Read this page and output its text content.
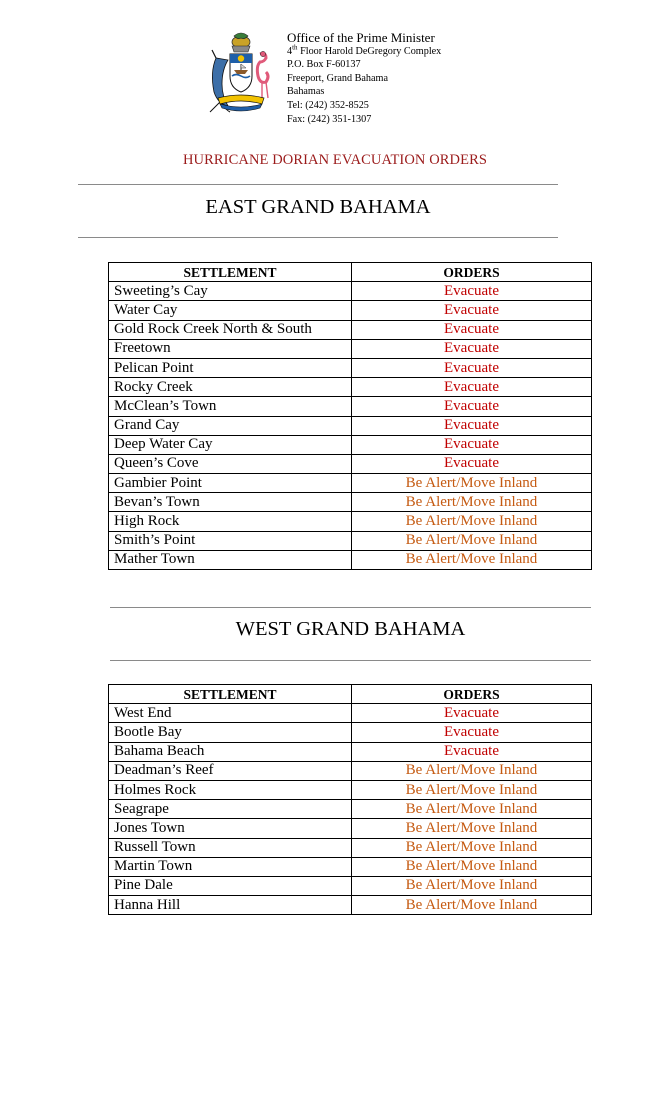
Office of the Prime Minister
4th Floor Harold DeGregory Complex
P.O. Box F-60137
Freeport, Grand Bahama
Bahamas
Tel: (242) 352-8525
Fax: (242) 351-1307
HURRICANE DORIAN EVACUATION ORDERS
EAST GRAND BAHAMA
SETTLEMENT	ORDERS
Sweeting’s Cay	Evacuate
Water Cay	Evacuate
Gold Rock Creek North & South	Evacuate
Freetown	Evacuate
Pelican Point	Evacuate
Rocky Creek	Evacuate
McClean’s Town	Evacuate
Grand Cay	Evacuate
Deep Water Cay	Evacuate
Queen’s Cove	Evacuate
Gambier Point	Be Alert/Move Inland
Bevan’s Town	Be Alert/Move Inland
High Rock	Be Alert/Move Inland
Smith’s Point	Be Alert/Move Inland
Mather Town	Be Alert/Move Inland
WEST GRAND BAHAMA
SETTLEMENT	ORDERS
West End	Evacuate
Bootle Bay	Evacuate
Bahama Beach	Evacuate
Deadman’s Reef	Be Alert/Move Inland
Holmes Rock	Be Alert/Move Inland
Seagrape	Be Alert/Move Inland
Jones Town	Be Alert/Move Inland
Russell Town	Be Alert/Move Inland
Martin Town	Be Alert/Move Inland
Pine Dale	Be Alert/Move Inland
Hanna Hill	Be Alert/Move Inland
